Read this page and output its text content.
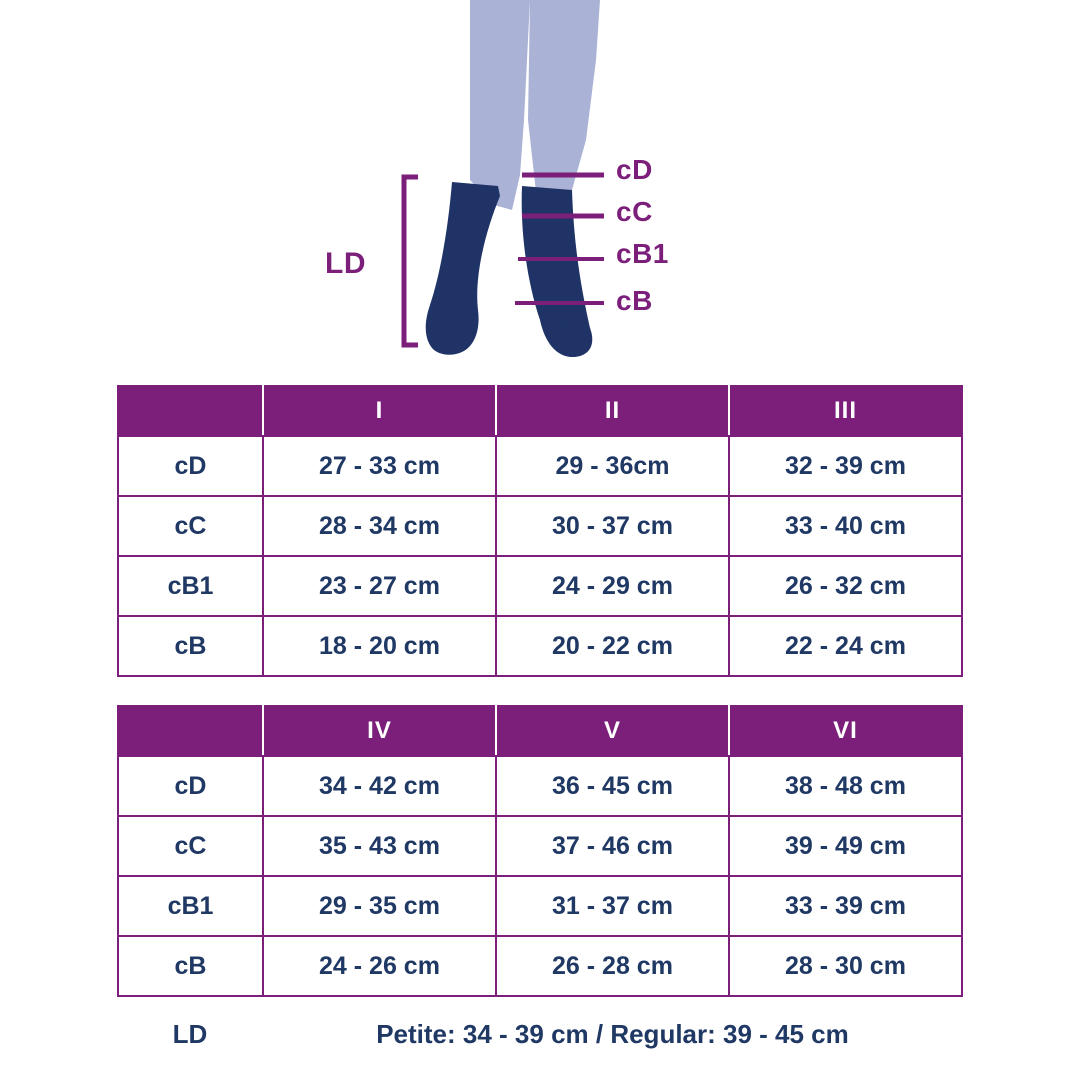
cD
cC
cB1
cB
LD
	I	II	III
cD	27 - 33 cm	29 - 36cm	32 - 39 cm
cC	28 - 34 cm	30 - 37 cm	33 - 40 cm
cB1	23 - 27 cm	24 - 29 cm	26 - 32 cm
cB	18 - 20 cm	20 - 22 cm	22 - 24 cm
	IV	V	VI
cD	34 - 42 cm	36 - 45 cm	38 - 48 cm
cC	35 - 43 cm	37 - 46 cm	39 - 49 cm
cB1	29 - 35 cm	31 - 37 cm	33 - 39 cm
cB	24 - 26 cm	26 - 28 cm	28 - 30 cm
LD	Petite: 34 - 39 cm / Regular: 39 - 45 cm
